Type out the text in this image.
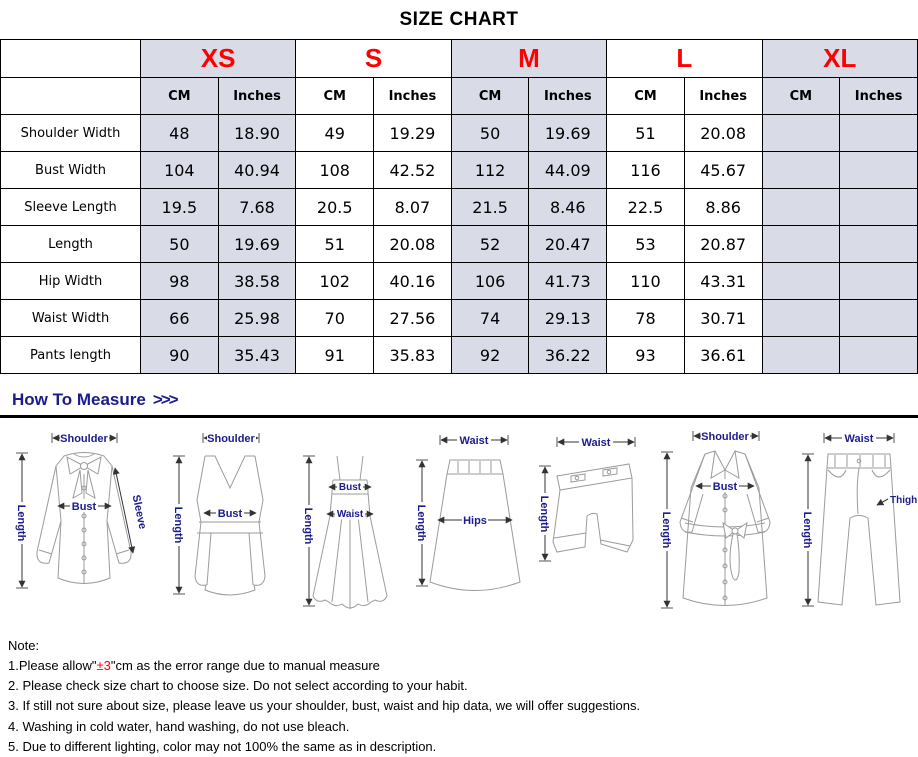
SIZE CHART
	XS		S		M		L		XL	
	CM	Inches	CM	Inches	CM	Inches	CM	Inches	CM	Inches
Shoulder Width	48	18.90	49	19.29	50	19.69	51	20.08		
Bust Width	104	40.94	108	42.52	112	44.09	116	45.67		
Sleeve Length	19.5	7.68	20.5	8.07	21.5	8.46	22.5	8.86		
Length	50	19.69	51	20.08	52	20.47	53	20.87		
Hip Width	98	38.58	102	40.16	106	41.73	110	43.31		
Waist Width	66	25.98	70	27.56	74	29.13	78	30.71		
Pants length	90	35.43	91	35.83	92	36.22	93	36.61		
How To Measure >>>
Shoulder
Length	Bust	Sleeve
Shoulder
Length	Bust	Length
Bust
Waist
Waist
Length	Hips
Waist
Length
Shoulder
Length
Bust
Waist
Length
Thigh
Note:
1.Please allow"±3"cm as the error range due to manual measure
2. Please check size chart to choose size. Do not select according to your habit.
3. If still not sure about size, please leave us your shoulder, bust, waist and hip data, we will offer suggestions.
4. Washing in cold water, hand washing, do not use bleach.
5. Due to different lighting, color may not 100% the same as in description.
